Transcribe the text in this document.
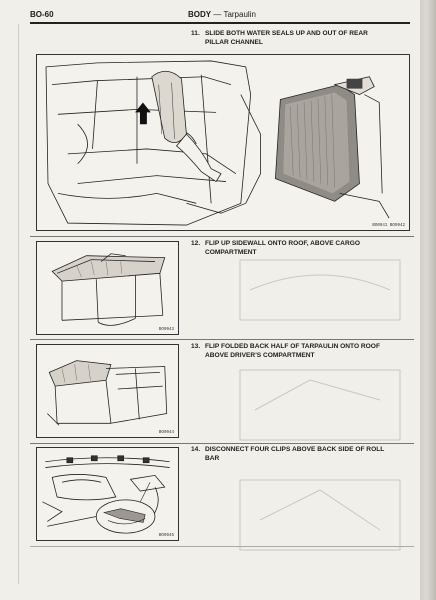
BO-60	BODY — Tarpaulin
11. SLIDE BOTH WATER SEALS UP AND OUT OF REAR
PILLAR CHANNEL
BO0941 BO0942
12. FLIP UP SIDEWALL ONTO ROOF, ABOVE CARGO
COMPARTMENT
BO0943
13. FLIP FOLDED BACK HALF OF TARPAULIN ONTO ROOF
ABOVE DRIVER'S COMPARTMENT
BO0944
14. DISCONNECT FOUR CLIPS ABOVE BACK SIDE OF ROLL
BAR
BO0945
